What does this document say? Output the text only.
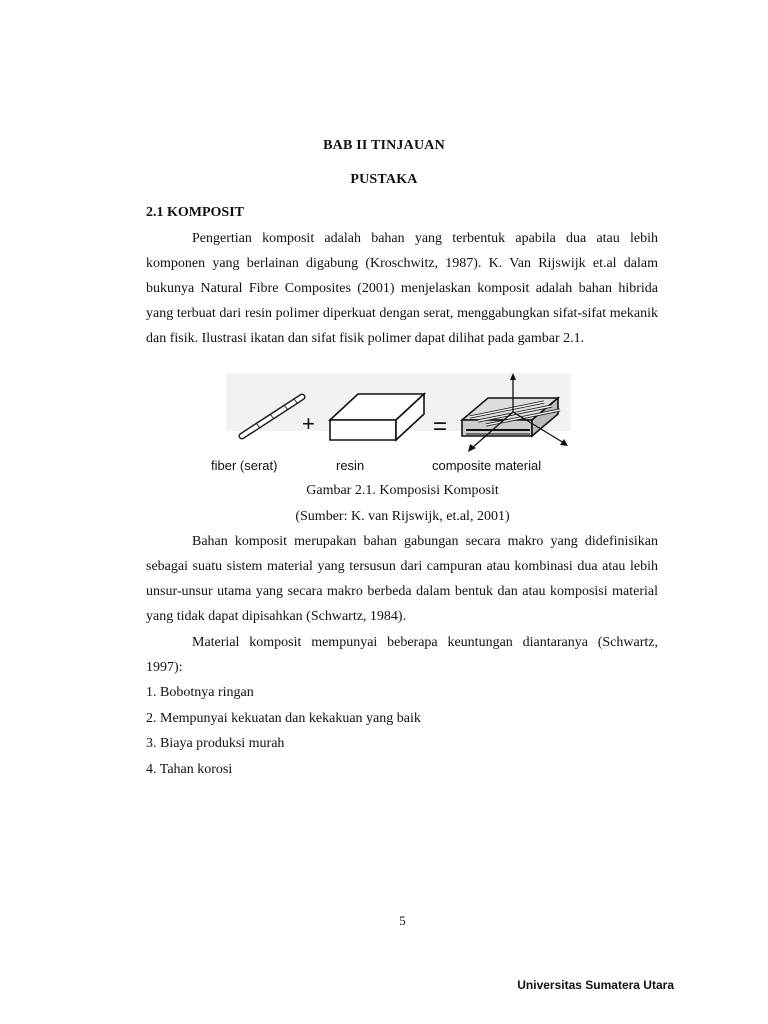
BAB II TINJAUAN
PUSTAKA
2.1 KOMPOSIT

Pengertian komposit adalah bahan yang terbentuk apabila dua atau lebih komponen yang berlainan digabung (Kroschwitz, 1987). K. Van Rijswijk et.al dalam bukunya Natural Fibre Composites (2001) menjelaskan komposit adalah bahan hibrida yang terbuat dari resin polimer diperkuat dengan serat, menggabungkan sifat-sifat mekanik dan fisik. Ilustrasi ikatan dan sifat fisik polimer dapat dilihat pada gambar 2.1.

+	=
fiber (serat)	resin	composite material
Gambar 2.1. Komposisi Komposit
(Sumber: K. van Rijswijk, et.al, 2001)

Bahan komposit merupakan bahan gabungan secara makro yang didefinisikan sebagai suatu sistem material yang tersusun dari campuran atau kombinasi dua atau lebih unsur-unsur utama yang secara makro berbeda dalam bentuk dan atau komposisi material yang tidak dapat dipisahkan (Schwartz, 1984).

Material komposit mempunyai beberapa keuntungan diantaranya (Schwartz, 1997):

1. Bobotnya ringan
2. Mempunyai kekuatan dan kekakuan yang baik
3. Biaya produksi murah
4. Tahan korosi
5
Universitas Sumatera Utara
